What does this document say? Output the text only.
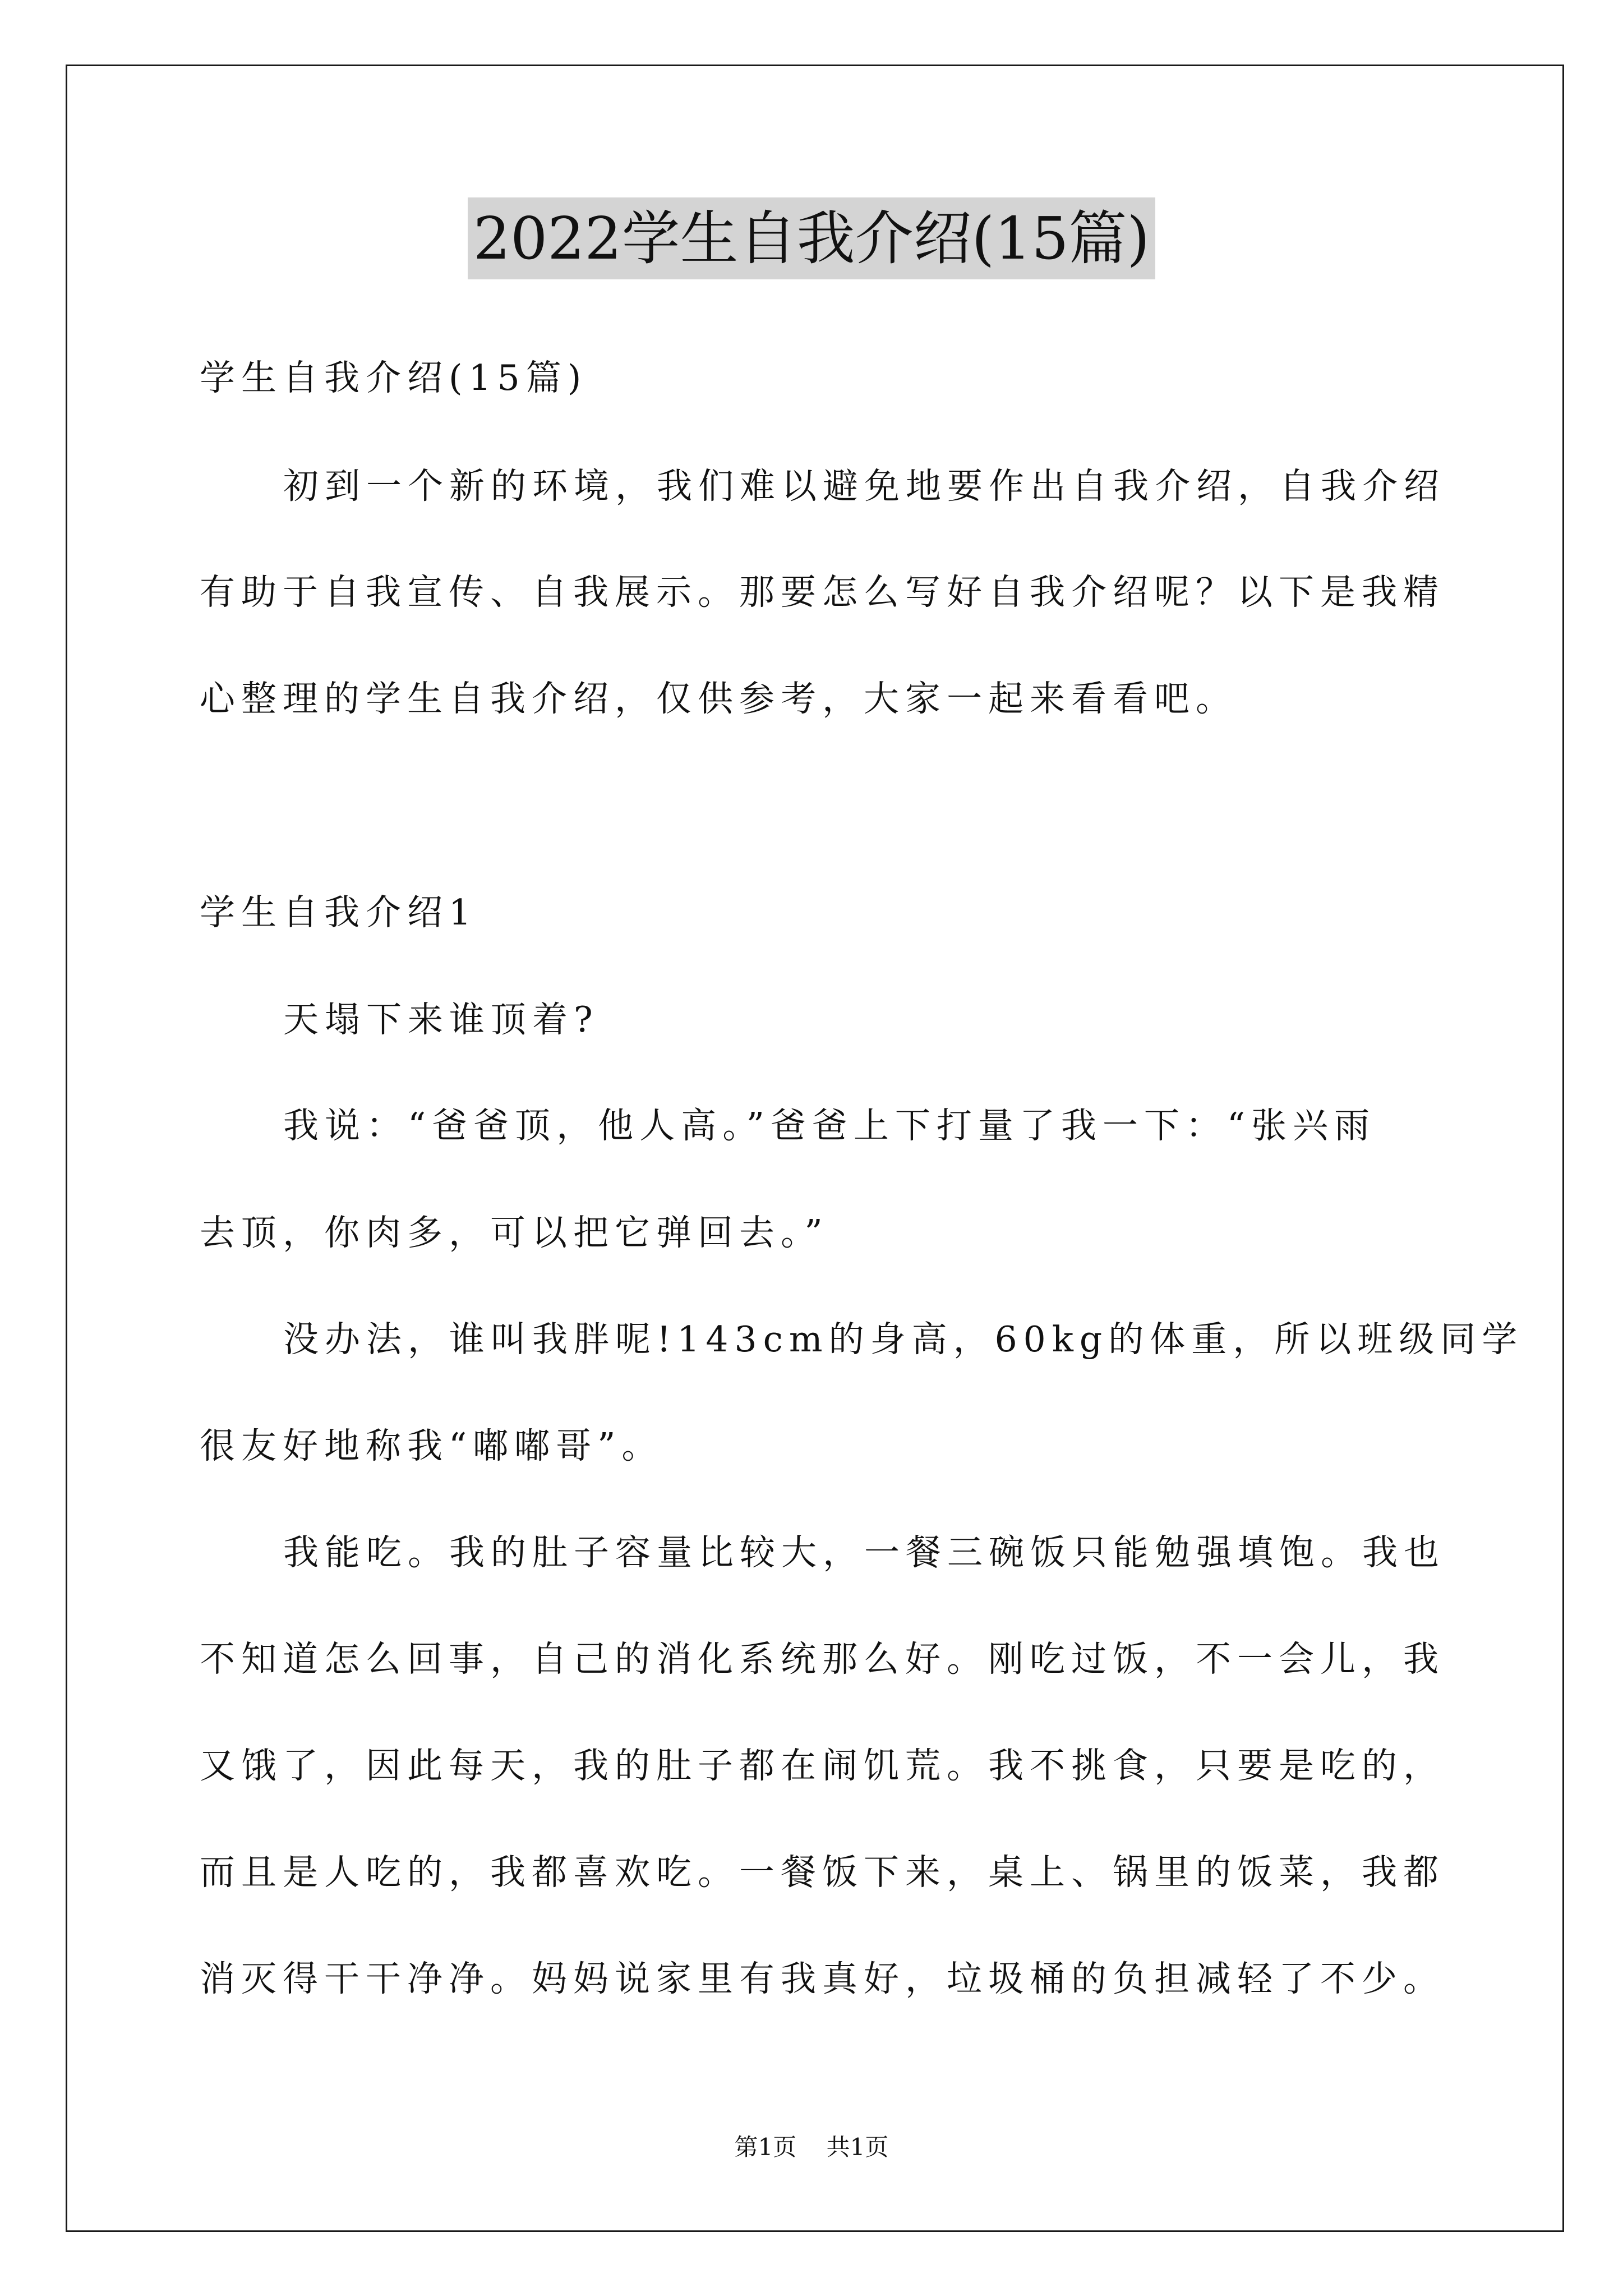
2022学生自我介绍(15篇)
学生自我介绍(15篇)
初到一个新的环境，我们难以避免地要作出自我介绍，自我介绍
有助于自我宣传、自我展示。那要怎么写好自我介绍呢？以下是我精
心整理的学生自我介绍，仅供参考，大家一起来看看吧。
学生自我介绍1
天塌下来谁顶着?
我说：“爸爸顶，他人高。”爸爸上下打量了我一下：“张兴雨
去顶，你肉多，可以把它弹回去。”
没办法，谁叫我胖呢!143cm的身高，60kg的体重，所以班级同学
很友好地称我“嘟嘟哥”。
我能吃。我的肚子容量比较大，一餐三碗饭只能勉强填饱。我也
不知道怎么回事，自己的消化系统那么好。刚吃过饭，不一会儿，我
又饿了，因此每天，我的肚子都在闹饥荒。我不挑食，只要是吃的，
而且是人吃的，我都喜欢吃。一餐饭下来，桌上、锅里的饭菜，我都
消灭得干干净净。妈妈说家里有我真好，垃圾桶的负担减轻了不少。
第1页 共1页
